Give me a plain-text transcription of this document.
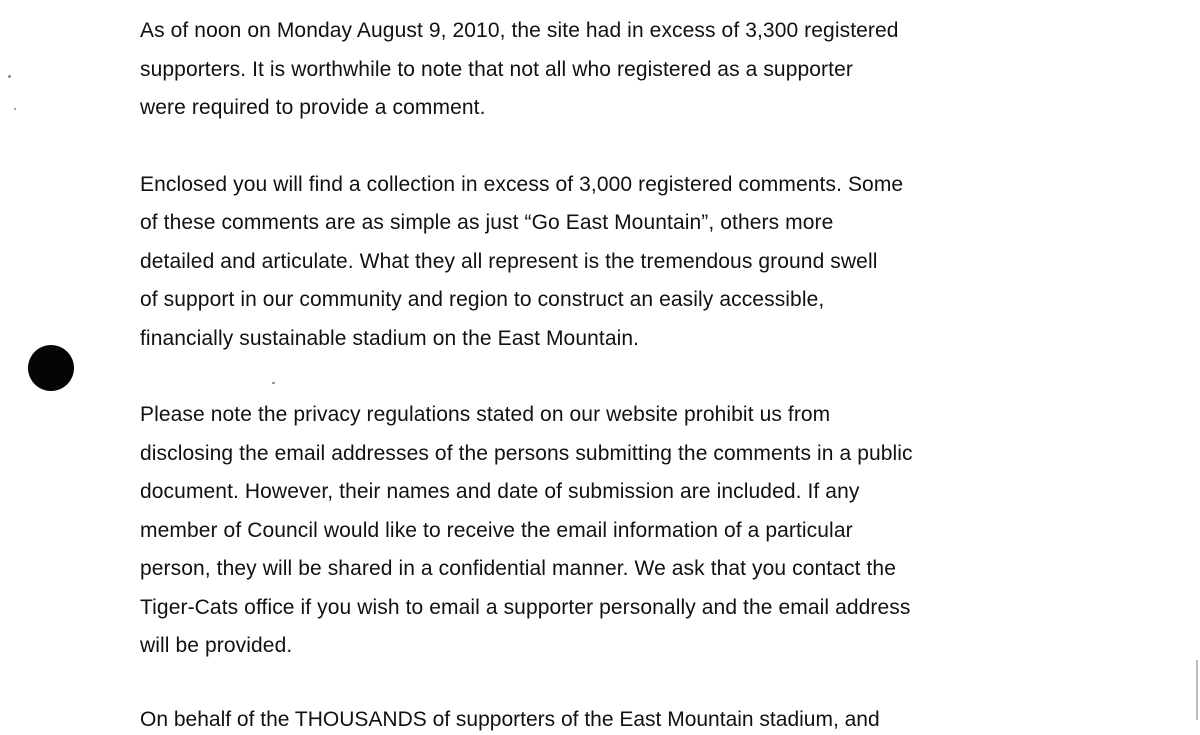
As of noon on Monday August 9, 2010, the site had in excess of 3,300 registered
supporters. It is worthwhile to note that not all who registered as a supporter
were required to provide a comment.

Enclosed you will find a collection in excess of 3,000 registered comments. Some
of these comments are as simple as just “Go East Mountain”, others more
detailed and articulate. What they all represent is the tremendous ground swell
of support in our community and region to construct an easily accessible,
financially sustainable stadium on the East Mountain.

Please note the privacy regulations stated on our website prohibit us from
disclosing the email addresses of the persons submitting the comments in a public
document. However, their names and date of submission are included. If any
member of Council would like to receive the email information of a particular
person, they will be shared in a confidential manner. We ask that you contact the
Tiger-Cats office if you wish to email a supporter personally and the email address
will be provided.

On behalf of the THOUSANDS of supporters of the East Mountain stadium, and
